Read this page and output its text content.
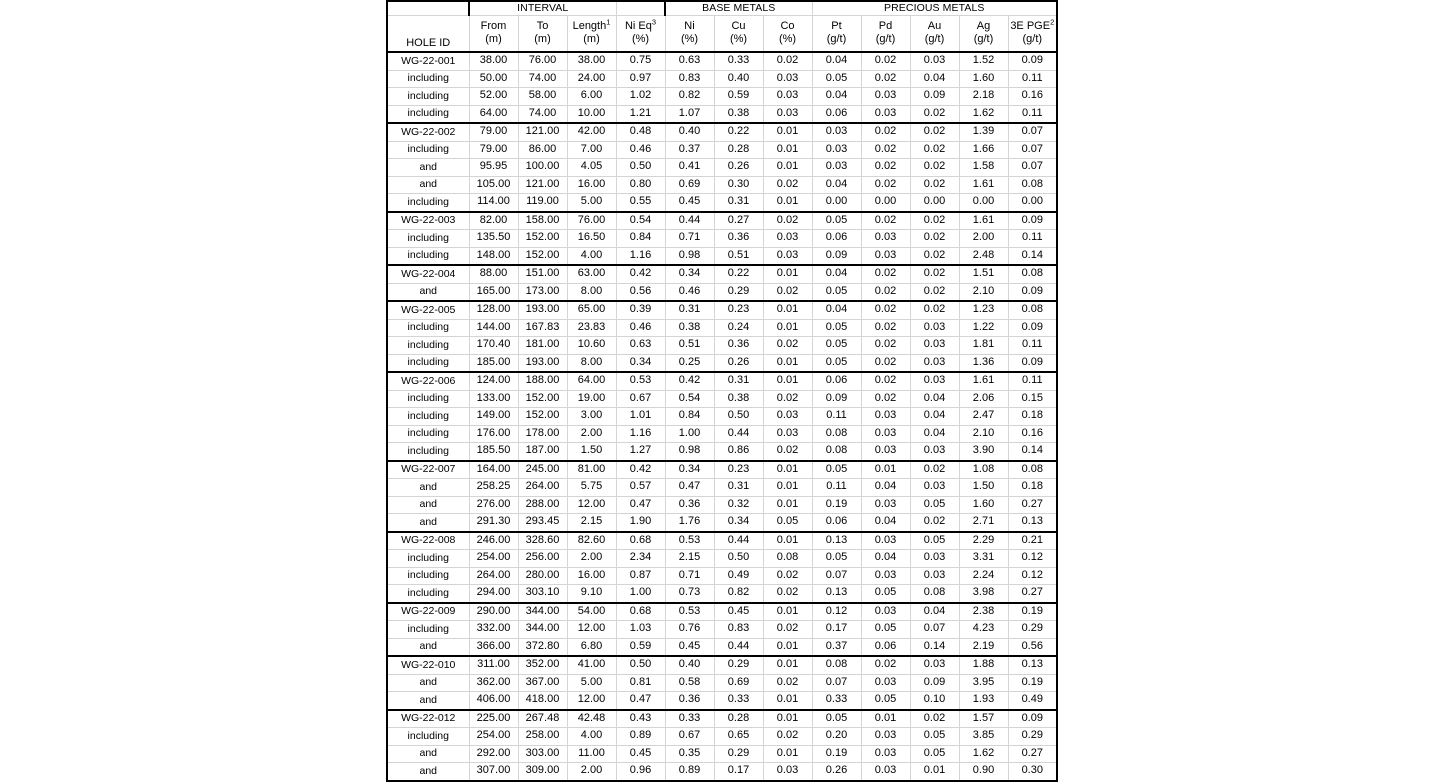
	INTERVAL				BASE METALS			PRECIOUS METALS				
HOLE ID	From	To	Length$^1$	Ni Eq$^3$	Ni	Cu	Co	Pt	Pd	Au	Ag	3E PGE$^2$
	(m)	(m)	(m)	(%)	(%)	(%)	(%)	(g/t)	(g/t)	(g/t)	(g/t)	(g/t)
WG-22-001	38.00	76.00	38.00	0.75	0.63	0.33	0.02	0.04	0.02	0.03	1.52	0.09
including	50.00	74.00	24.00	0.97	0.83	0.40	0.03	0.05	0.02	0.04	1.60	0.11
including	52.00	58.00	6.00	1.02	0.82	0.59	0.03	0.04	0.03	0.09	2.18	0.16
including	64.00	74.00	10.00	1.21	1.07	0.38	0.03	0.06	0.03	0.02	1.62	0.11
WG-22-002	79.00	121.00	42.00	0.48	0.40	0.22	0.01	0.03	0.02	0.02	1.39	0.07
including	79.00	86.00	7.00	0.46	0.37	0.28	0.01	0.03	0.02	0.02	1.66	0.07
and	95.95	100.00	4.05	0.50	0.41	0.26	0.01	0.03	0.02	0.02	1.58	0.07
and	105.00	121.00	16.00	0.80	0.69	0.30	0.02	0.04	0.02	0.02	1.61	0.08
including	114.00	119.00	5.00	0.55	0.45	0.31	0.01	0.00	0.00	0.00	0.00	0.00
WG-22-003	82.00	158.00	76.00	0.54	0.44	0.27	0.02	0.05	0.02	0.02	1.61	0.09
including	135.50	152.00	16.50	0.84	0.71	0.36	0.03	0.06	0.03	0.02	2.00	0.11
including	148.00	152.00	4.00	1.16	0.98	0.51	0.03	0.09	0.03	0.02	2.48	0.14
WG-22-004	88.00	151.00	63.00	0.42	0.34	0.22	0.01	0.04	0.02	0.02	1.51	0.08
and	165.00	173.00	8.00	0.56	0.46	0.29	0.02	0.05	0.02	0.02	2.10	0.09
WG-22-005	128.00	193.00	65.00	0.39	0.31	0.23	0.01	0.04	0.02	0.02	1.23	0.08
including	144.00	167.83	23.83	0.46	0.38	0.24	0.01	0.05	0.02	0.03	1.22	0.09
including	170.40	181.00	10.60	0.63	0.51	0.36	0.02	0.05	0.02	0.03	1.81	0.11
including	185.00	193.00	8.00	0.34	0.25	0.26	0.01	0.05	0.02	0.03	1.36	0.09
WG-22-006	124.00	188.00	64.00	0.53	0.42	0.31	0.01	0.06	0.02	0.03	1.61	0.11
including	133.00	152.00	19.00	0.67	0.54	0.38	0.02	0.09	0.02	0.04	2.06	0.15
including	149.00	152.00	3.00	1.01	0.84	0.50	0.03	0.11	0.03	0.04	2.47	0.18
including	176.00	178.00	2.00	1.16	1.00	0.44	0.03	0.08	0.03	0.04	2.10	0.16
including	185.50	187.00	1.50	1.27	0.98	0.86	0.02	0.08	0.03	0.03	3.90	0.14
WG-22-007	164.00	245.00	81.00	0.42	0.34	0.23	0.01	0.05	0.01	0.02	1.08	0.08
and	258.25	264.00	5.75	0.57	0.47	0.31	0.01	0.11	0.04	0.03	1.50	0.18
and	276.00	288.00	12.00	0.47	0.36	0.32	0.01	0.19	0.03	0.05	1.60	0.27
and	291.30	293.45	2.15	1.90	1.76	0.34	0.05	0.06	0.04	0.02	2.71	0.13
WG-22-008	246.00	328.60	82.60	0.68	0.53	0.44	0.01	0.13	0.03	0.05	2.29	0.21
including	254.00	256.00	2.00	2.34	2.15	0.50	0.08	0.05	0.04	0.03	3.31	0.12
including	264.00	280.00	16.00	0.87	0.71	0.49	0.02	0.07	0.03	0.03	2.24	0.12
including	294.00	303.10	9.10	1.00	0.73	0.82	0.02	0.13	0.05	0.08	3.98	0.27
WG-22-009	290.00	344.00	54.00	0.68	0.53	0.45	0.01	0.12	0.03	0.04	2.38	0.19
including	332.00	344.00	12.00	1.03	0.76	0.83	0.02	0.17	0.05	0.07	4.23	0.29
and	366.00	372.80	6.80	0.59	0.45	0.44	0.01	0.37	0.06	0.14	2.19	0.56
WG-22-010	311.00	352.00	41.00	0.50	0.40	0.29	0.01	0.08	0.02	0.03	1.88	0.13
and	362.00	367.00	5.00	0.81	0.58	0.69	0.02	0.07	0.03	0.09	3.95	0.19
and	406.00	418.00	12.00	0.47	0.36	0.33	0.01	0.33	0.05	0.10	1.93	0.49
WG-22-012	225.00	267.48	42.48	0.43	0.33	0.28	0.01	0.05	0.01	0.02	1.57	0.09
including	254.00	258.00	4.00	0.89	0.67	0.65	0.02	0.20	0.03	0.05	3.85	0.29
and	292.00	303.00	11.00	0.45	0.35	0.29	0.01	0.19	0.03	0.05	1.62	0.27
and	307.00	309.00	2.00	0.96	0.89	0.17	0.03	0.26	0.03	0.01	0.90	0.30
